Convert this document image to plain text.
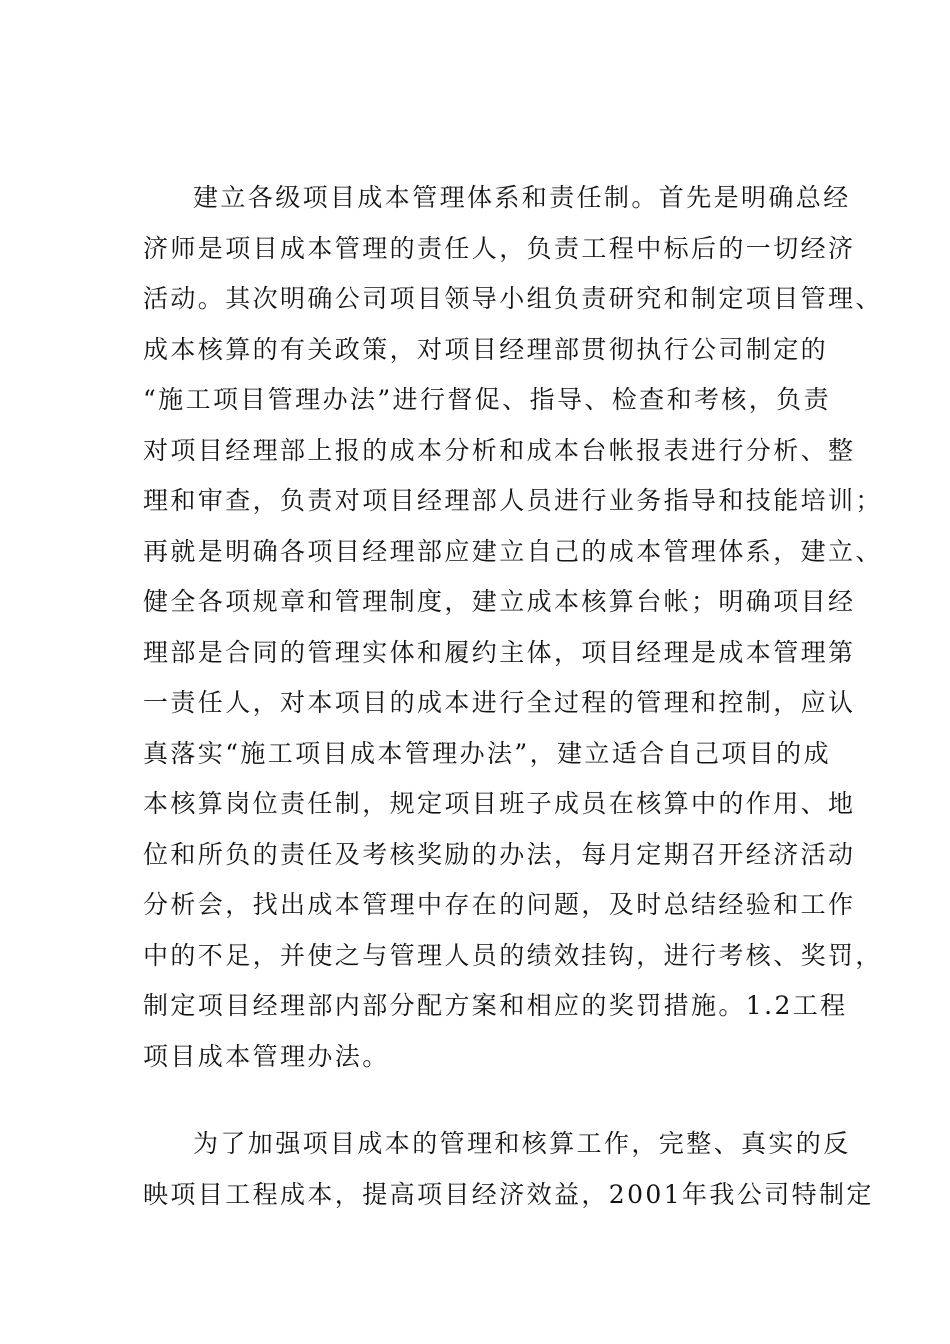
建立各级项目成本管理体系和责任制。首先是明确总经
济师是项目成本管理的责任人，负责工程中标后的一切经济
活动。其次明确公司项目领导小组负责研究和制定项目管理、
成本核算的有关政策，对项目经理部贯彻执行公司制定的
“施工项目管理办法”进行督促、指导、检查和考核，负责
对项目经理部上报的成本分析和成本台帐报表进行分析、整
理和审查，负责对项目经理部人员进行业务指导和技能培训；
再就是明确各项目经理部应建立自己的成本管理体系，建立、
健全各项规章和管理制度，建立成本核算台帐；明确项目经
理部是合同的管理实体和履约主体，项目经理是成本管理第
一责任人，对本项目的成本进行全过程的管理和控制，应认
真落实“施工项目成本管理办法”，建立适合自己项目的成
本核算岗位责任制，规定项目班子成员在核算中的作用、地
位和所负的责任及考核奖励的办法，每月定期召开经济活动
分析会，找出成本管理中存在的问题，及时总结经验和工作
中的不足，并使之与管理人员的绩效挂钩，进行考核、奖罚，
制定项目经理部内部分配方案和相应的奖罚措施。1.2工程
项目成本管理办法。
为了加强项目成本的管理和核算工作，完整、真实的反
映项目工程成本，提高项目经济效益，2001年我公司特制定
